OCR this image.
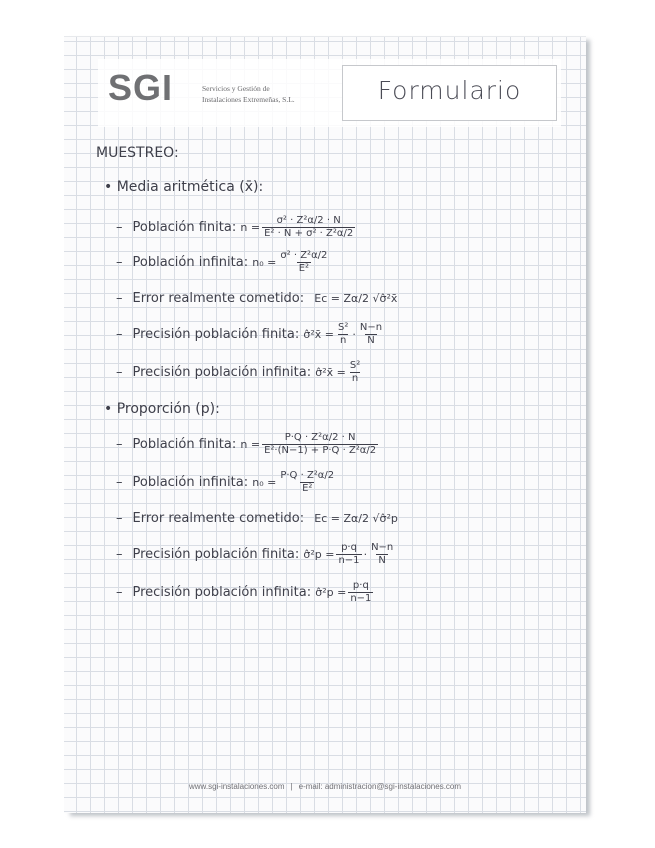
SGI	Servicios y Gestión de
Instalaciones Extremeñas, S.L.	Formulario
MUESTREO:
• Media aritmética (x̄):
– Población finita: $n = \frac{\text{σ² · Z²α/2 · N}}{\text{E² · N + σ² · Z²α/2}}$
– Población infinita: $n_0 = \frac{\text{σ² · Z²α/2}}{\text{E²}}$
– Error realmente cometido: Ec = Zα/2 √σ̂²x̄
– Precisión población finita: σ̂²x̄ = $\frac{\text{S²}}{n} \cdot \frac{N-n}{N}$
– Precisión población infinita: σ̂²x̄ = $\frac{\text{S²}}{n}$
• Proporción (p):
– Población finita: $n = \frac{\text{P·Q · Z²α/2 · N}}{\text{E²·(N−1) + P·Q · Z²α/2}}$
– Población infinita: $n_0 = \frac{\text{P·Q · Z²α/2}}{\text{E²}}$
– Error realmente cometido: Ec = Zα/2 √σ̂²p
– Precisión población finita: σ̂²p = $\frac{p\cdot q}{n-1} \cdot \frac{N-n}{N}$
– Precisión población infinita: σ̂²p = $\frac{p\cdot q}{n-1}$
www.sgi-instalaciones.com | e-mail: administracion@sgi-instalaciones.com
